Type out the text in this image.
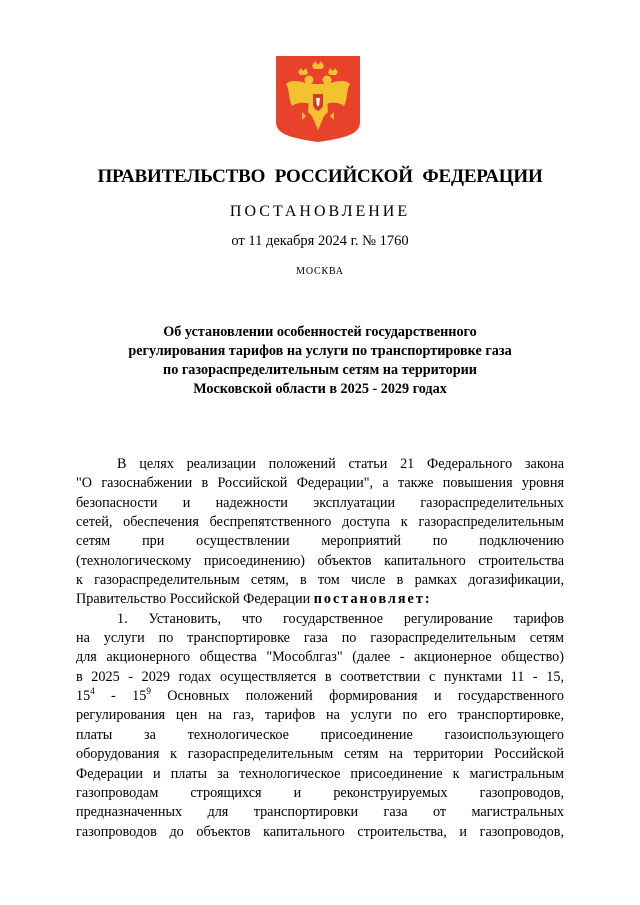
ПРАВИТЕЛЬСТВО РОССИЙСКОЙ ФЕДЕРАЦИИ
ПОСТАНОВЛЕНИЕ
от 11 декабря 2024 г. № 1760
МОСКВА
Об установлении особенностей государственного
регулирования тарифов на услуги по транспортировке газа
по газораспределительным сетям на территории
Московской области в 2025 - 2029 годах
В целях реализации положений статьи 21 Федерального закона
"О газоснабжении в Российской Федерации", а также повышения уровня
безопасности и надежности эксплуатации газораспределительных
сетей, обеспечения беспрепятственного доступа к газораспределительным
сетям при осуществлении мероприятий по подключению
(технологическому присоединению) объектов капитального строительства
к газораспределительным сетям, в том числе в рамках догазификации,
Правительство Российской Федерации постановляет:
1. Установить, что государственное регулирование тарифов
на услуги по транспортировке газа по газораспределительным сетям
для акционерного общества "Мособлгаз" (далее - акционерное общество)
в 2025 - 2029 годах осуществляется в соответствии с пунктами 11 - 15,
$15^4 - 15^9$ Основных положений формирования и государственного
регулирования цен на газ, тарифов на услуги по его транспортировке,
платы за технологическое присоединение газоиспользующего
оборудования к газораспределительным сетям на территории Российской
Федерации и платы за технологическое присоединение к магистральным
газопроводам строящихся и реконструируемых газопроводов,
предназначенных для транспортировки газа от магистральных
газопроводов до объектов капитального строительства, и газопроводов,
